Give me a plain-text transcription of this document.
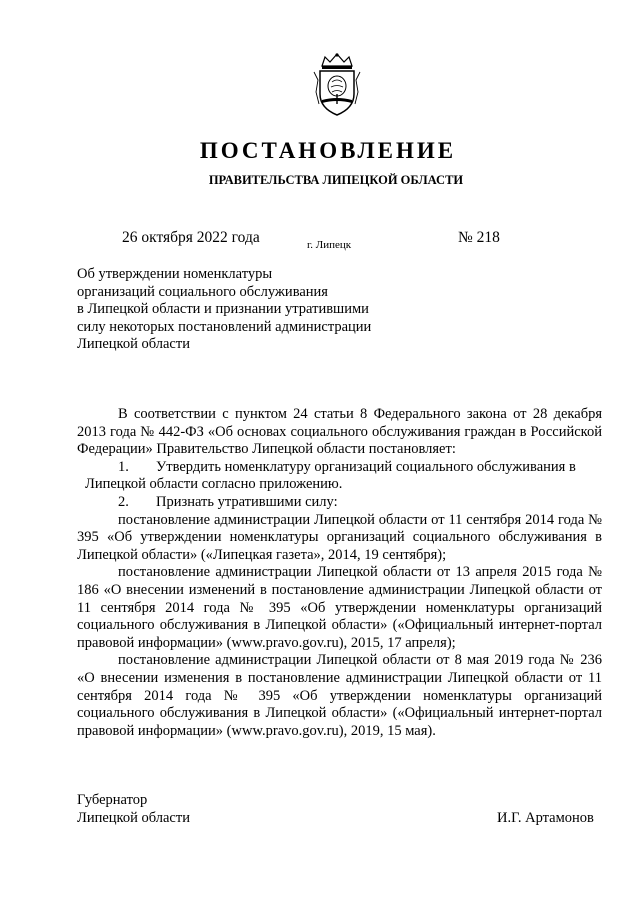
ПОСТАНОВЛЕНИЕ
ПРАВИТЕЛЬСТВА ЛИПЕЦКОЙ ОБЛАСТИ
26 октября 2022 года	г. Липецк	№ 218
Об утверждении номенклатуры
организаций социального обслуживания
в Липецкой области и признании утратившими
силу некоторых постановлений администрации
Липецкой области

В соответствии с пунктом 24 статьи 8 Федерального закона от 28 декабря 2013 года № 442-ФЗ «Об основах социального обслуживания граждан в Российской Федерации» Правительство Липецкой области постановляет:

1.	Утвердить номенклатуру организаций социального обслуживания в

Липецкой области согласно приложению.

2.	Признать утратившими силу:

постановление администрации Липецкой области от 11 сентября 2014 года № 395 «Об утверждении номенклатуры организаций социального обслуживания в Липецкой области» («Липецкая газета», 2014, 19 сентября);

постановление администрации Липецкой области от 13 апреля 2015 года № 186 «О внесении изменений в постановление администрации Липецкой области от 11 сентября 2014 года № 395 «Об утверждении номенклатуры организаций социального обслуживания в Липецкой области» («Официальный интернет-портал правовой информации» (www.pravo.gov.ru), 2015, 17 апреля);

постановление администрации Липецкой области от 8 мая 2019 года № 236 «О внесении изменения в постановление администрации Липецкой области от 11 сентября 2014 года № 395 «Об утверждении номенклатуры организаций социального обслуживания в Липецкой области» («Официальный интернет-портал правовой информации» (www.pravo.gov.ru), 2019, 15 мая).

Губернатор
Липецкой области	И.Г. Артамонов
